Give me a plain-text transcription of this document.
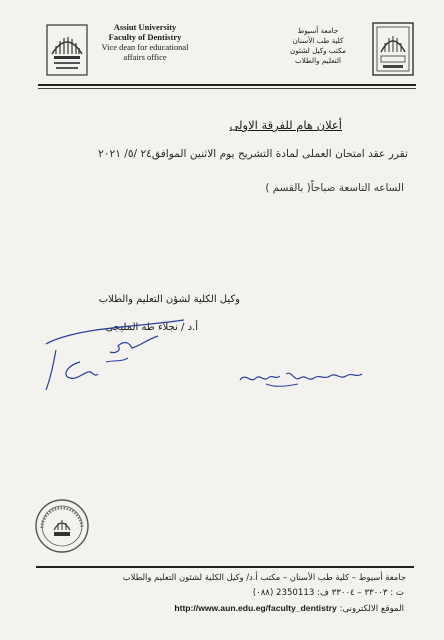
Assiut University
Faculty of Dentistry
Vice dean for educational
affairs office
جامعة أسيوط
كلية طب الأسنان
مكتب وكيل لشئون
التعليم والطلاب
أعلان هام للفرقة الاولى
تقرر عقد امتحان العملى لمادة التشريح يوم الاثنين الموافق٢٤ /٥/ ٢٠٢١
الساعه التاسعة صباحاً( بالقسم )
وكيل الكلية لشؤن التعليم والطلاب
أ.د / نجلاء طه المليجى
جامعة أسيوط – كلية طب الأسنان – مكتب أ.د/ وكيل الكلية لشئون التعليم والطلاب
ت : ٣٣٠٠٣ – ٣٣٠٠٤ ف: 2350113 (٠٨٨)
الموقع الالكترونى: http://www.aun.edu.eg/faculty_dentistry
